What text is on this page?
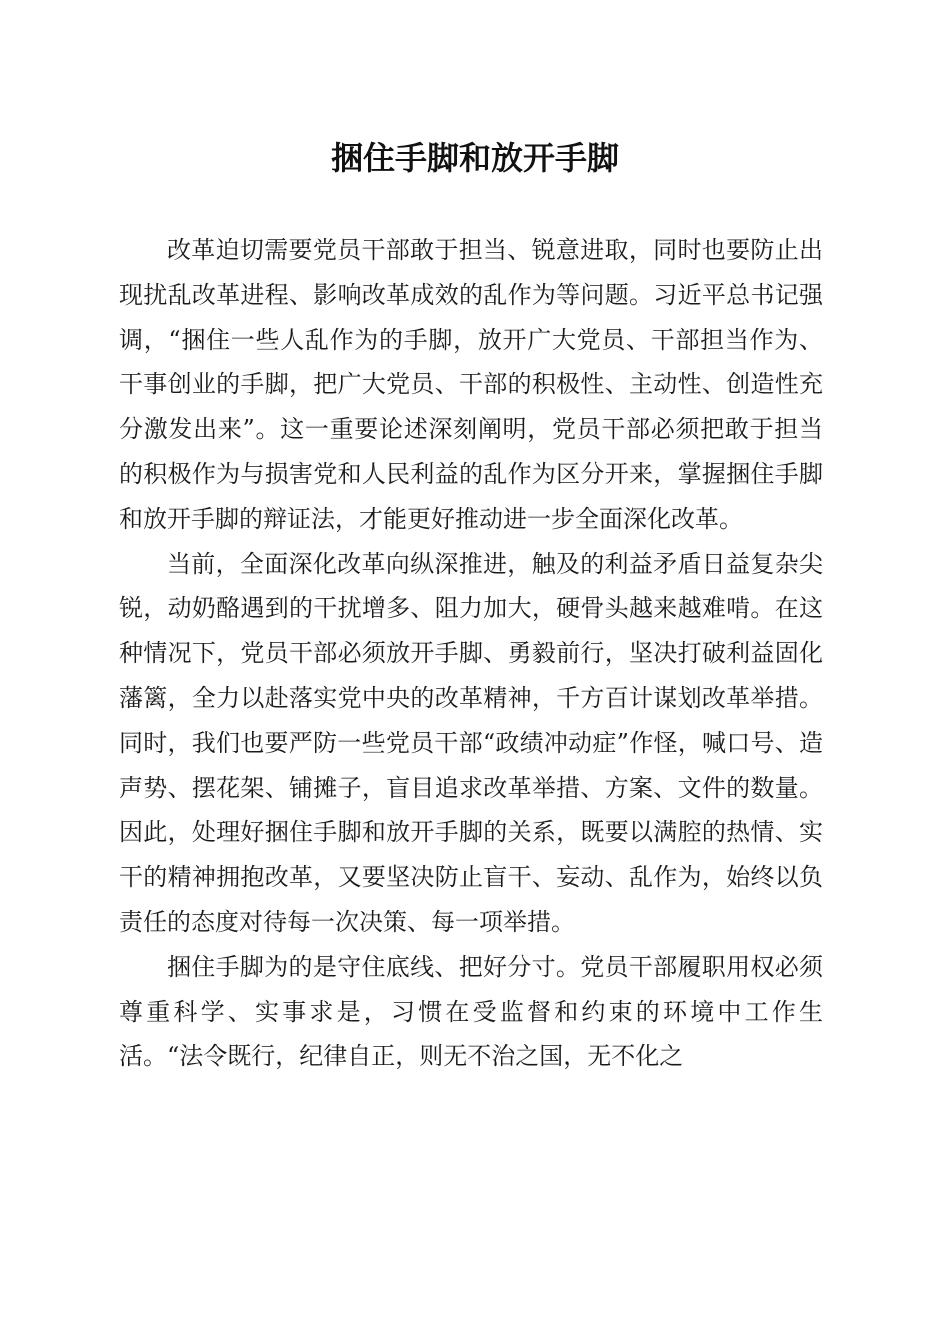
捆住手脚和放开手脚

改革迫切需要党员干部敢于担当、锐意进取，同时也要防止出现扰乱改革进程、影响改革成效的乱作为等问题。习近平总书记强调，“捆住一些人乱作为的手脚，放开广大党员、干部担当作为、干事创业的手脚，把广大党员、干部的积极性、主动性、创造性充分激发出来”。这一重要论述深刻阐明，党员干部必须把敢于担当的积极作为与损害党和人民利益的乱作为区分开来，掌握捆住手脚和放开手脚的辩证法，才能更好推动进一步全面深化改革。

当前，全面深化改革向纵深推进，触及的利益矛盾日益复杂尖锐，动奶酪遇到的干扰增多、阻力加大，硬骨头越来越难啃。在这种情况下，党员干部必须放开手脚、勇毅前行，坚决打破利益固化藩篱，全力以赴落实党中央的改革精神，千方百计谋划改革举措。同时，我们也要严防一些党员干部“政绩冲动症”作怪，喊口号、造声势、摆花架、铺摊子，盲目追求改革举措、方案、文件的数量。因此，处理好捆住手脚和放开手脚的关系，既要以满腔的热情、实干的精神拥抱改革，又要坚决防止盲干、妄动、乱作为，始终以负责任的态度对待每一次决策、每一项举措。

捆住手脚为的是守住底线、把好分寸。党员干部履职用权必须尊重科学、实事求是，习惯在受监督和约束的环境中工作生活。“法令既行，纪律自正，则无不治之国，无不化之
